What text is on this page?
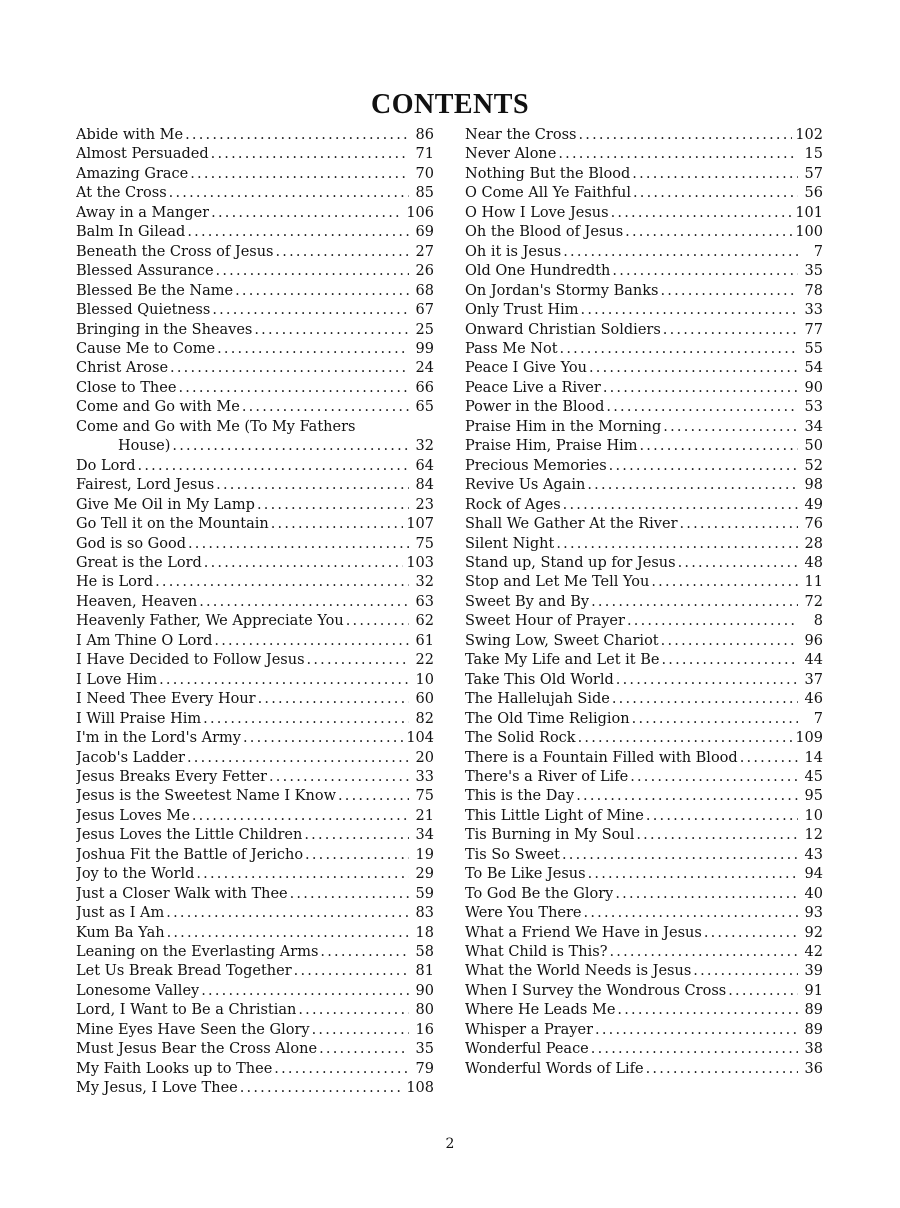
CONTENTS
Abide with Me .....	86
Almost Persuaded .....	71
Amazing Grace .....	70
At the Cross .....	85
Away in a Manger .....	106
Balm In Gilead .....	69
Beneath the Cross of Jesus .....	27
Blessed Assurance .....	26
Blessed Be the Name .....	68
Blessed Quietness .....	67
Bringing in the Sheaves .....	25
Cause Me to Come .....	99
Christ Arose .....	24
Close to Thee .....	66
Come and Go with Me .....	65
Come and Go with Me (To My Fathers
House) .....	32
Do Lord .....	64
Fairest, Lord Jesus .....	84
Give Me Oil in My Lamp .....	23
Go Tell it on the Mountain .....	107
God is so Good .....	75
Great is the Lord .....	103
He is Lord .....	32
Heaven, Heaven .....	63
Heavenly Father, We Appreciate You .....	62
I Am Thine O Lord .....	61
I Have Decided to Follow Jesus .....	22
I Love Him .....	10
I Need Thee Every Hour .....	60
I Will Praise Him .....	82
I'm in the Lord's Army .....	104
Jacob's Ladder .....	20
Jesus Breaks Every Fetter .....	33
Jesus is the Sweetest Name I Know .....	75
Jesus Loves Me .....	21
Jesus Loves the Little Children .....	34
Joshua Fit the Battle of Jericho .....	19
Joy to the World .....	29
Just a Closer Walk with Thee .....	59
Just as I Am .....	83
Kum Ba Yah .....	18
Leaning on the Everlasting Arms .....	58
Let Us Break Bread Together .....	81
Lonesome Valley .....	90
Lord, I Want to Be a Christian .....	80
Mine Eyes Have Seen the Glory .....	16
Must Jesus Bear the Cross Alone .....	35
My Faith Looks up to Thee .....	79
My Jesus, I Love Thee .....	108
Near the Cross .....	102
Never Alone .....	15
Nothing But the Blood .....	57
O Come All Ye Faithful .....	56
O How I Love Jesus .....	101
Oh the Blood of Jesus .....	100
Oh it is Jesus .....	7
Old One Hundredth .....	35
On Jordan's Stormy Banks .....	78
Only Trust Him .....	33
Onward Christian Soldiers .....	77
Pass Me Not .....	55
Peace I Give You .....	54
Peace Live a River .....	90
Power in the Blood .....	53
Praise Him in the Morning .....	34
Praise Him, Praise Him .....	50
Precious Memories .....	52
Revive Us Again .....	98
Rock of Ages .....	49
Shall We Gather At the River .....	76
Silent Night .....	28
Stand up, Stand up for Jesus .....	48
Stop and Let Me Tell You .....	11
Sweet By and By .....	72
Sweet Hour of Prayer .....	8
Swing Low, Sweet Chariot .....	96
Take My Life and Let it Be .....	44
Take This Old World .....	37
The Hallelujah Side .....	46
The Old Time Religion .....	7
The Solid Rock .....	109
There is a Fountain Filled with Blood .....	14
There's a River of Life .....	45
This is the Day .....	95
This Little Light of Mine .....	10
Tis Burning in My Soul .....	12
Tis So Sweet .....	43
To Be Like Jesus .....	94
To God Be the Glory .....	40
Were You There .....	93
What a Friend We Have in Jesus .....	92
What Child is This? .....	42
What the World Needs is Jesus .....	39
When I Survey the Wondrous Cross .....	91
Where He Leads Me .....	89
Whisper a Prayer .....	89
Wonderful Peace .....	38
Wonderful Words of Life .....	36
2
